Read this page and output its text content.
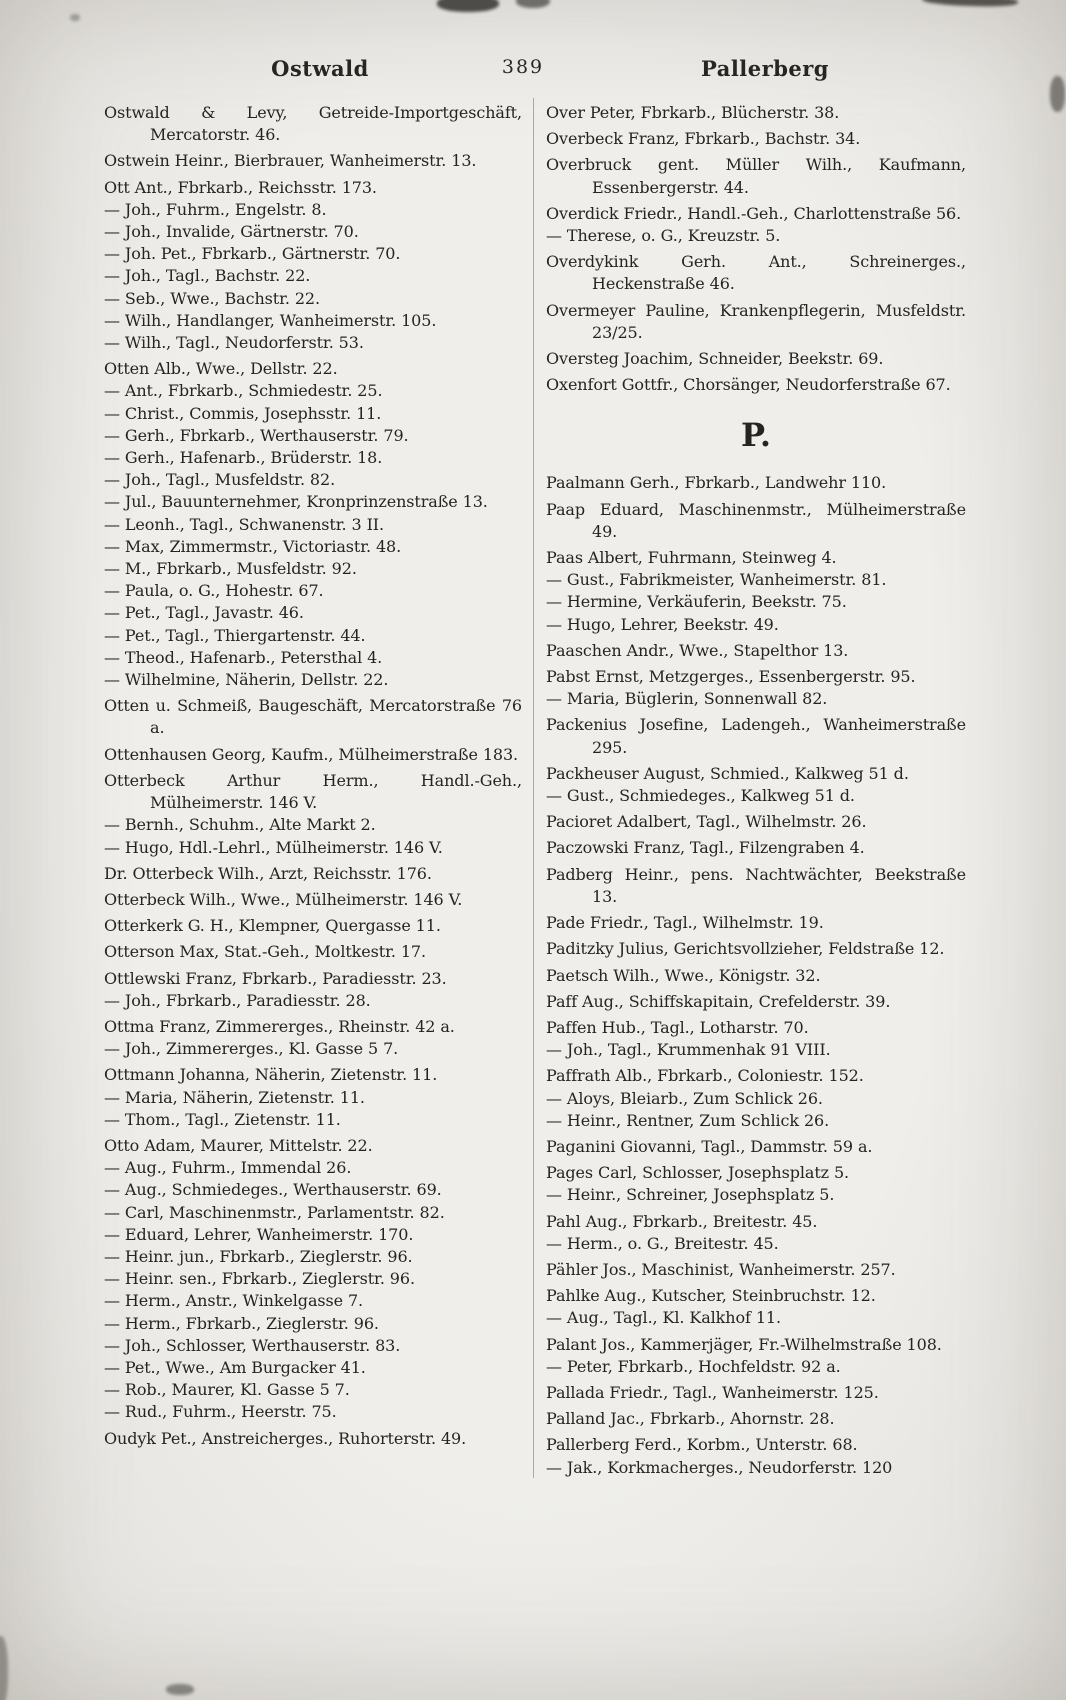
Ostwald	389	Pallerberg

Ostwald & Levy, Getreide-Importgeschäft, Mercatorstr. 46.

Ostwein Heinr., Bierbrauer, Wanheimerstr. 13.

Ott Ant., Fbrkarb., Reichsstr. 173.

— Joh., Fuhrm., Engelstr. 8.

— Joh., Invalide, Gärtnerstr. 70.

— Joh. Pet., Fbrkarb., Gärtnerstr. 70.

— Joh., Tagl., Bachstr. 22.

— Seb., Wwe., Bachstr. 22.

— Wilh., Handlanger, Wanheimerstr. 105.

— Wilh., Tagl., Neudorferstr. 53.

Otten Alb., Wwe., Dellstr. 22.

— Ant., Fbrkarb., Schmiedestr. 25.

— Christ., Commis, Josephsstr. 11.

— Gerh., Fbrkarb., Werthauserstr. 79.

— Gerh., Hafenarb., Brüderstr. 18.

— Joh., Tagl., Musfeldstr. 82.

— Jul., Bauunternehmer, Kronprinzenstraße 13.

— Leonh., Tagl., Schwanenstr. 3 II.

— Max, Zimmermstr., Victoriastr. 48.

— M., Fbrkarb., Musfeldstr. 92.

— Paula, o. G., Hohestr. 67.

— Pet., Tagl., Javastr. 46.

— Pet., Tagl., Thiergartenstr. 44.

— Theod., Hafenarb., Petersthal 4.

— Wilhelmine, Näherin, Dellstr. 22.

Otten u. Schmeiß, Baugeschäft, Mercatorstraße 76 a.

Ottenhausen Georg, Kaufm., Mülheimerstraße 183.

Otterbeck Arthur Herm., Handl.-Geh., Mülheimerstr. 146 V.

— Bernh., Schuhm., Alte Markt 2.

— Hugo, Hdl.-Lehrl., Mülheimerstr. 146 V.

Dr. Otterbeck Wilh., Arzt, Reichsstr. 176.

Otterbeck Wilh., Wwe., Mülheimerstr. 146 V.

Otterkerk G. H., Klempner, Quergasse 11.

Otterson Max, Stat.-Geh., Moltkestr. 17.

Ottlewski Franz, Fbrkarb., Paradiesstr. 23.

— Joh., Fbrkarb., Paradiesstr. 28.

Ottma Franz, Zimmererges., Rheinstr. 42 a.

— Joh., Zimmererges., Kl. Gasse 5 7.

Ottmann Johanna, Näherin, Zietenstr. 11.

— Maria, Näherin, Zietenstr. 11.

— Thom., Tagl., Zietenstr. 11.

Otto Adam, Maurer, Mittelstr. 22.

— Aug., Fuhrm., Immendal 26.

— Aug., Schmiedeges., Werthauserstr. 69.

— Carl, Maschinenmstr., Parlamentstr. 82.

— Eduard, Lehrer, Wanheimerstr. 170.

— Heinr. jun., Fbrkarb., Zieglerstr. 96.

— Heinr. sen., Fbrkarb., Zieglerstr. 96.

— Herm., Anstr., Winkelgasse 7.

— Herm., Fbrkarb., Zieglerstr. 96.

— Joh., Schlosser, Werthauserstr. 83.

— Pet., Wwe., Am Burgacker 41.

— Rob., Maurer, Kl. Gasse 5 7.

— Rud., Fuhrm., Heerstr. 75.

Oudyk Pet., Anstreicherges., Ruhorterstr. 49.

Over Peter, Fbrkarb., Blücherstr. 38.

Overbeck Franz, Fbrkarb., Bachstr. 34.

Overbruck gent. Müller Wilh., Kaufmann, Essenbergerstr. 44.

Overdick Friedr., Handl.-Geh., Charlottenstraße 56.

— Therese, o. G., Kreuzstr. 5.

Overdykink Gerh. Ant., Schreinerges., Heckenstraße 46.

Overmeyer Pauline, Krankenpflegerin, Musfeldstr. 23/25.

Oversteg Joachim, Schneider, Beekstr. 69.

Oxenfort Gottfr., Chorsänger, Neudorferstraße 67.

P.

Paalmann Gerh., Fbrkarb., Landwehr 110.

Paap Eduard, Maschinenmstr., Mülheimerstraße 49.

Paas Albert, Fuhrmann, Steinweg 4.

— Gust., Fabrikmeister, Wanheimerstr. 81.

— Hermine, Verkäuferin, Beekstr. 75.

— Hugo, Lehrer, Beekstr. 49.

Paaschen Andr., Wwe., Stapelthor 13.

Pabst Ernst, Metzgerges., Essenbergerstr. 95.

— Maria, Büglerin, Sonnenwall 82.

Packenius Josefine, Ladengeh., Wanheimerstraße 295.

Packheuser August, Schmied., Kalkweg 51 d.

— Gust., Schmiedeges., Kalkweg 51 d.

Pacioret Adalbert, Tagl., Wilhelmstr. 26.

Paczowski Franz, Tagl., Filzengraben 4.

Padberg Heinr., pens. Nachtwächter, Beekstraße 13.

Pade Friedr., Tagl., Wilhelmstr. 19.

Paditzky Julius, Gerichtsvollzieher, Feldstraße 12.

Paetsch Wilh., Wwe., Königstr. 32.

Paff Aug., Schiffskapitain, Crefelderstr. 39.

Paffen Hub., Tagl., Lotharstr. 70.

— Joh., Tagl., Krummenhak 91 VIII.

Paffrath Alb., Fbrkarb., Coloniestr. 152.

— Aloys, Bleiarb., Zum Schlick 26.

— Heinr., Rentner, Zum Schlick 26.

Paganini Giovanni, Tagl., Dammstr. 59 a.

Pages Carl, Schlosser, Josephsplatz 5.

— Heinr., Schreiner, Josephsplatz 5.

Pahl Aug., Fbrkarb., Breitestr. 45.

— Herm., o. G., Breitestr. 45.

Pähler Jos., Maschinist, Wanheimerstr. 257.

Pahlke Aug., Kutscher, Steinbruchstr. 12.

— Aug., Tagl., Kl. Kalkhof 11.

Palant Jos., Kammerjäger, Fr.-Wilhelmstraße 108.

— Peter, Fbrkarb., Hochfeldstr. 92 a.

Pallada Friedr., Tagl., Wanheimerstr. 125.

Palland Jac., Fbrkarb., Ahornstr. 28.

Pallerberg Ferd., Korbm., Unterstr. 68.

— Jak., Korkmacherges., Neudorferstr. 120
